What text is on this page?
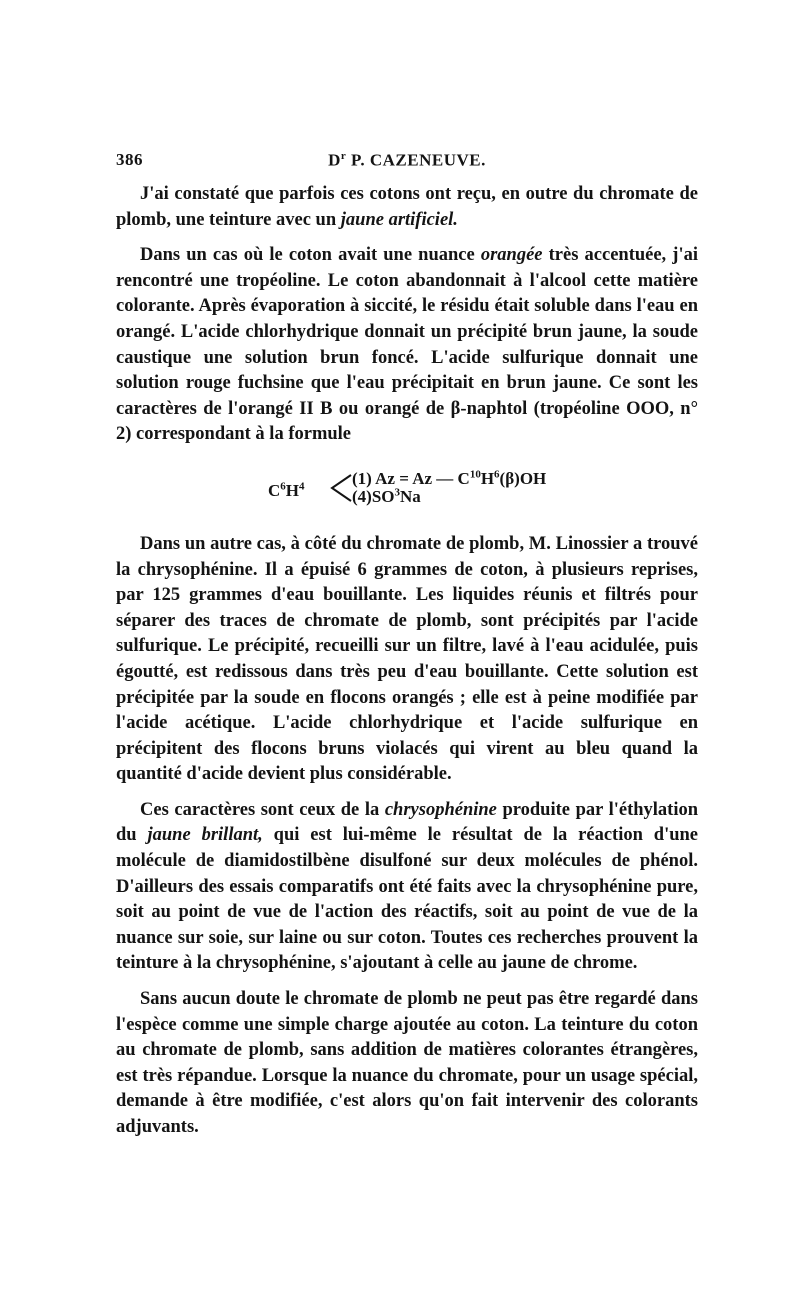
386	$D^r$ P. CAZENEUVE.

J'ai constaté que parfois ces cotons ont reçu, en outre du chromate de plomb, une teinture avec un jaune artificiel.

Dans un cas où le coton avait une nuance orangée très accentuée, j'ai rencontré une tropéoline. Le coton abandonnait à l'alcool cette matière colorante. Après évaporation à siccité, le résidu était soluble dans l'eau en orangé. L'acide chlorhydrique donnait un précipité brun jaune, la soude caustique une solution brun foncé. L'acide sulfurique donnait une solution rouge fuchsine que l'eau précipitait en brun jaune. Ce sont les caractères de l'orangé II B ou orangé de β-naphtol (tropéoline OOO, n° 2) correspondant à la formule

$C^6H^4$	(1) Az = Az — $C^{10}H^6(\beta)OH$
$(4)SO^3Na$

Dans un autre cas, à côté du chromate de plomb, M. Linossier a trouvé la chrysophénine. Il a épuisé 6 grammes de coton, à plusieurs reprises, par 125 grammes d'eau bouillante. Les liquides réunis et filtrés pour séparer des traces de chromate de plomb, sont précipités par l'acide sulfurique. Le précipité, recueilli sur un filtre, lavé à l'eau acidulée, puis égoutté, est redissous dans très peu d'eau bouillante. Cette solution est précipitée par la soude en flocons orangés ; elle est à peine modifiée par l'acide acétique. L'acide chlorhydrique et l'acide sulfurique en précipitent des flocons bruns violacés qui virent au bleu quand la quantité d'acide devient plus considérable.

Ces caractères sont ceux de la chrysophénine produite par l'éthylation du jaune brillant, qui est lui-même le résultat de la réaction d'une molécule de diamidostilbène disulfoné sur deux molécules de phénol. D'ailleurs des essais comparatifs ont été faits avec la chrysophénine pure, soit au point de vue de l'action des réactifs, soit au point de vue de la nuance sur soie, sur laine ou sur coton. Toutes ces recherches prouvent la teinture à la chrysophénine, s'ajoutant à celle au jaune de chrome.

Sans aucun doute le chromate de plomb ne peut pas être regardé dans l'espèce comme une simple charge ajoutée au coton. La teinture du coton au chromate de plomb, sans addition de matières colorantes étrangères, est très répandue. Lorsque la nuance du chromate, pour un usage spécial, demande à être modifiée, c'est alors qu'on fait intervenir des colorants adjuvants.
